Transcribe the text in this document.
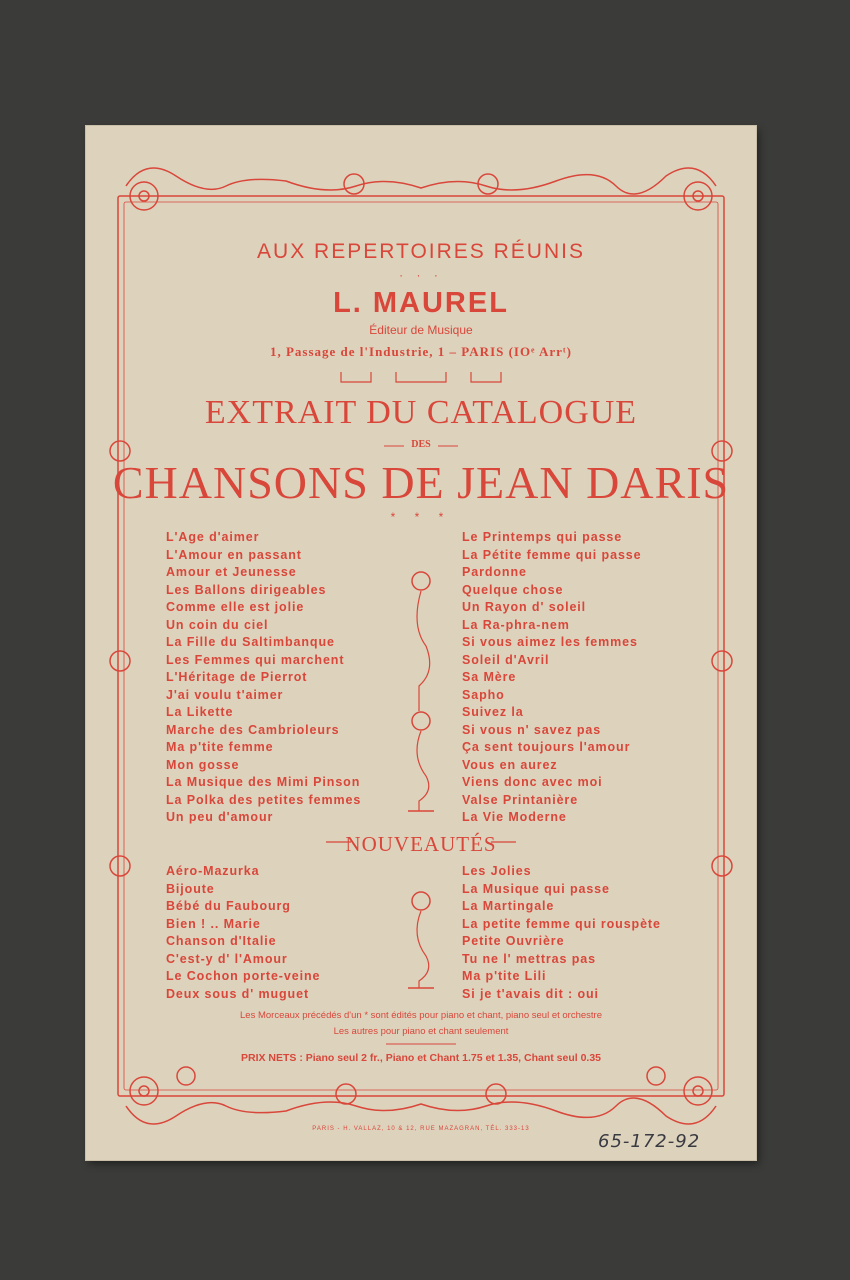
AUX REPERTOIRES RÉUNIS
· · ·
L. MAUREL
Éditeur de Musique
1, Passage de l'Industrie, 1 – PARIS (IOᵉ Arrᵗ)
EXTRAIT DU CATALOGUE
DES
CHANSONS DE JEAN DARIS
* * *
L'Age d'aimer
L'Amour en passant
Amour et Jeunesse
Les Ballons dirigeables
Comme elle est jolie
Un coin du ciel
La Fille du Saltimbanque
Les Femmes qui marchent
L'Héritage de Pierrot
J'ai voulu t'aimer
La Likette
Marche des Cambrioleurs
Ma p'tite femme
Mon gosse
La Musique des Mimi Pinson
La Polka des petites femmes
Un peu d'amour
Le Printemps qui passe
La Pétite femme qui passe
Pardonne
Quelque chose
Un Rayon d' soleil
La Ra-phra-nem
Si vous aimez les femmes
Soleil d'Avril
Sa Mère
Sapho
Suivez la
Si vous n' savez pas
Ça sent toujours l'amour
Vous en aurez
Viens donc avec moi
Valse Printanière
La Vie Moderne
NOUVEAUTÉS
Aéro-Mazurka
Bijoute
Bébé du Faubourg
Bien ! .. Marie
Chanson d'Italie
C'est-y d' l'Amour
Le Cochon porte-veine
Deux sous d' muguet
Les Jolies
La Musique qui passe
La Martingale
La petite femme qui rouspète
Petite Ouvrière
Tu ne l' mettras pas
Ma p'tite Lili
Si je t'avais dit : oui
Les Morceaux précédés d'un * sont édités pour piano et chant, piano seul et orchestre
Les autres pour piano et chant seulement
PRIX NETS : Piano seul 2 fr., Piano et Chant 1.75 et 1.35, Chant seul 0.35
PARIS - H. VALLAZ, 10 & 12, RUE MAZAGRAN, TÉL. 333-13
65-172-92
